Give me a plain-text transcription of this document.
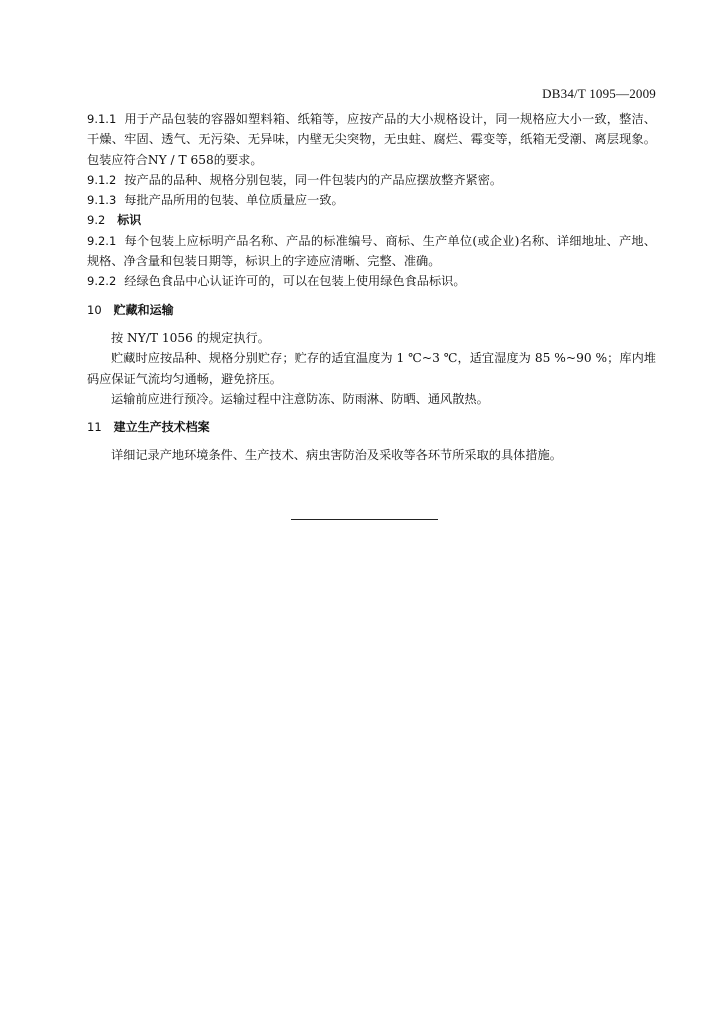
DB34/T 1095—2009

9.1.1 用于产品包装的容器如塑料箱、纸箱等，应按产品的大小规格设计，同一规格应大小一致，整洁、干燥、牢固、透气、无污染、无异味，内壁无尖突物，无虫蛀、腐烂、霉变等，纸箱无受潮、离层现象。包装应符合NY / T 658的要求。

9.1.2 按产品的品种、规格分别包装，同一件包装内的产品应摆放整齐紧密。

9.1.3 每批产品所用的包装、单位质量应一致。

9.2 标识

9.2.1 每个包装上应标明产品名称、产品的标准编号、商标、生产单位(或企业)名称、详细地址、产地、规格、净含量和包装日期等，标识上的字迹应清晰、完整、准确。

9.2.2 经绿色食品中心认证许可的，可以在包装上使用绿色食品标识。

10 贮藏和运输

按 NY/T 1056 的规定执行。

贮藏时应按品种、规格分别贮存；贮存的适宜温度为 1 ℃~3 ℃，适宜湿度为 85 %~90 %；库内堆码应保证气流均匀通畅，避免挤压。

运输前应进行预冷。运输过程中注意防冻、防雨淋、防晒、通风散热。

11 建立生产技术档案

详细记录产地环境条件、生产技术、病虫害防治及采收等各环节所采取的具体措施。
